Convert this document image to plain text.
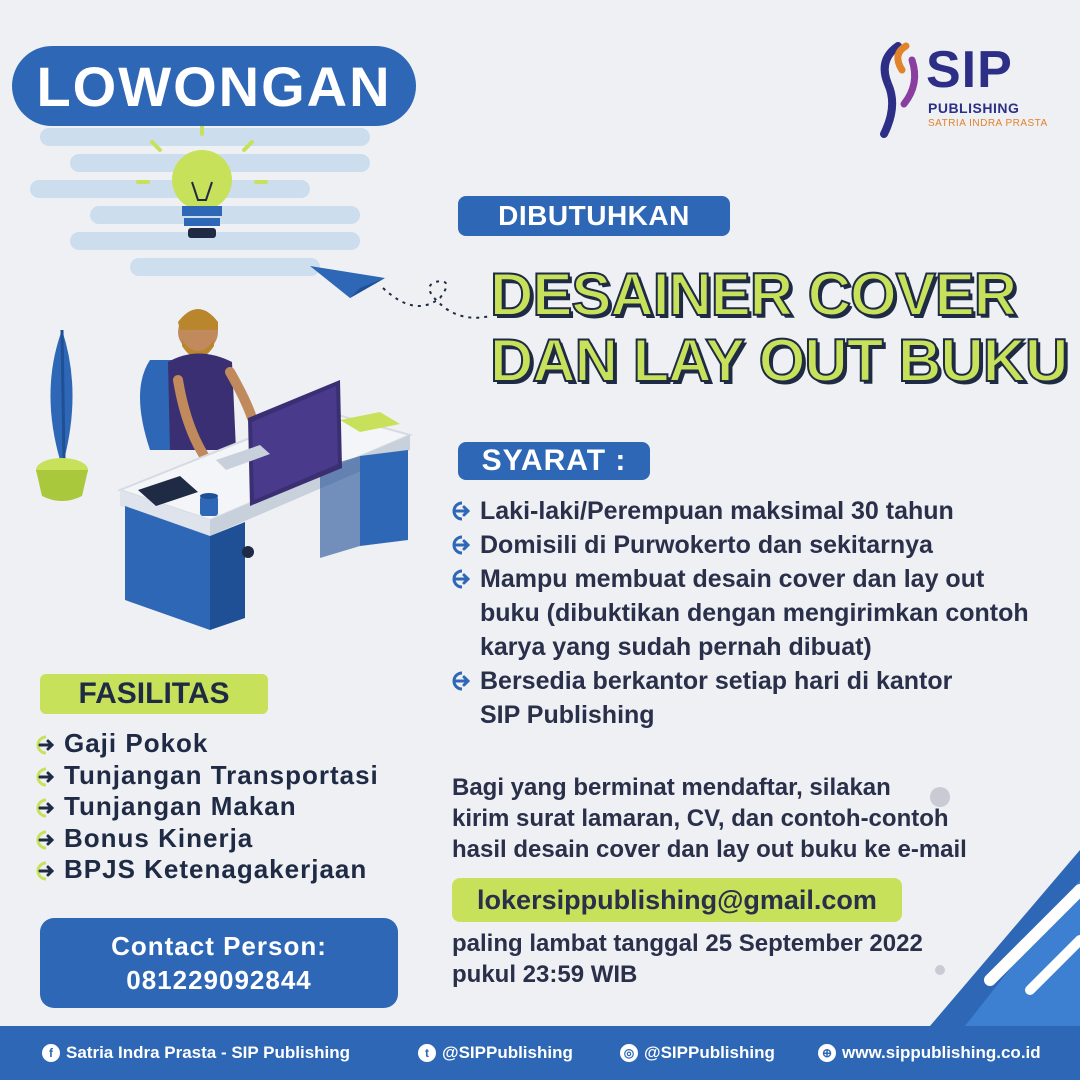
LOWONGAN	SIP
PUBLISHING
SATRIA INDRA PRASTA
DIBUTUHKAN
DESAINER COVER
DAN LAY OUT BUKU
SYARAT :
Laki-laki/Perempuan maksimal 30 tahun
Domisili di Purwokerto dan sekitarnya
Mampu membuat desain cover dan lay out
buku (dibuktikan dengan mengirimkan contoh
karya yang sudah pernah dibuat)
Bersedia berkantor setiap hari di kantor
SIP Publishing
FASILITAS
Gaji Pokok
Tunjangan Transportasi
Tunjangan Makan
Bonus Kinerja
BPJS Ketenagakerjaan
Contact Person:
081229092844
Bagi yang berminat mendaftar, silakan
kirim surat lamaran, CV, dan contoh-contoh
hasil desain cover dan lay out buku ke e-mail
lokersippublishing@gmail.com
paling lambat tanggal 25 September 2022
pukul 23:59 WIB
f Satria Indra Prasta - SIP Publishing	t @SIPPublishing	◎ @SIPPublishing	⊕ www.sippublishing.co.id
